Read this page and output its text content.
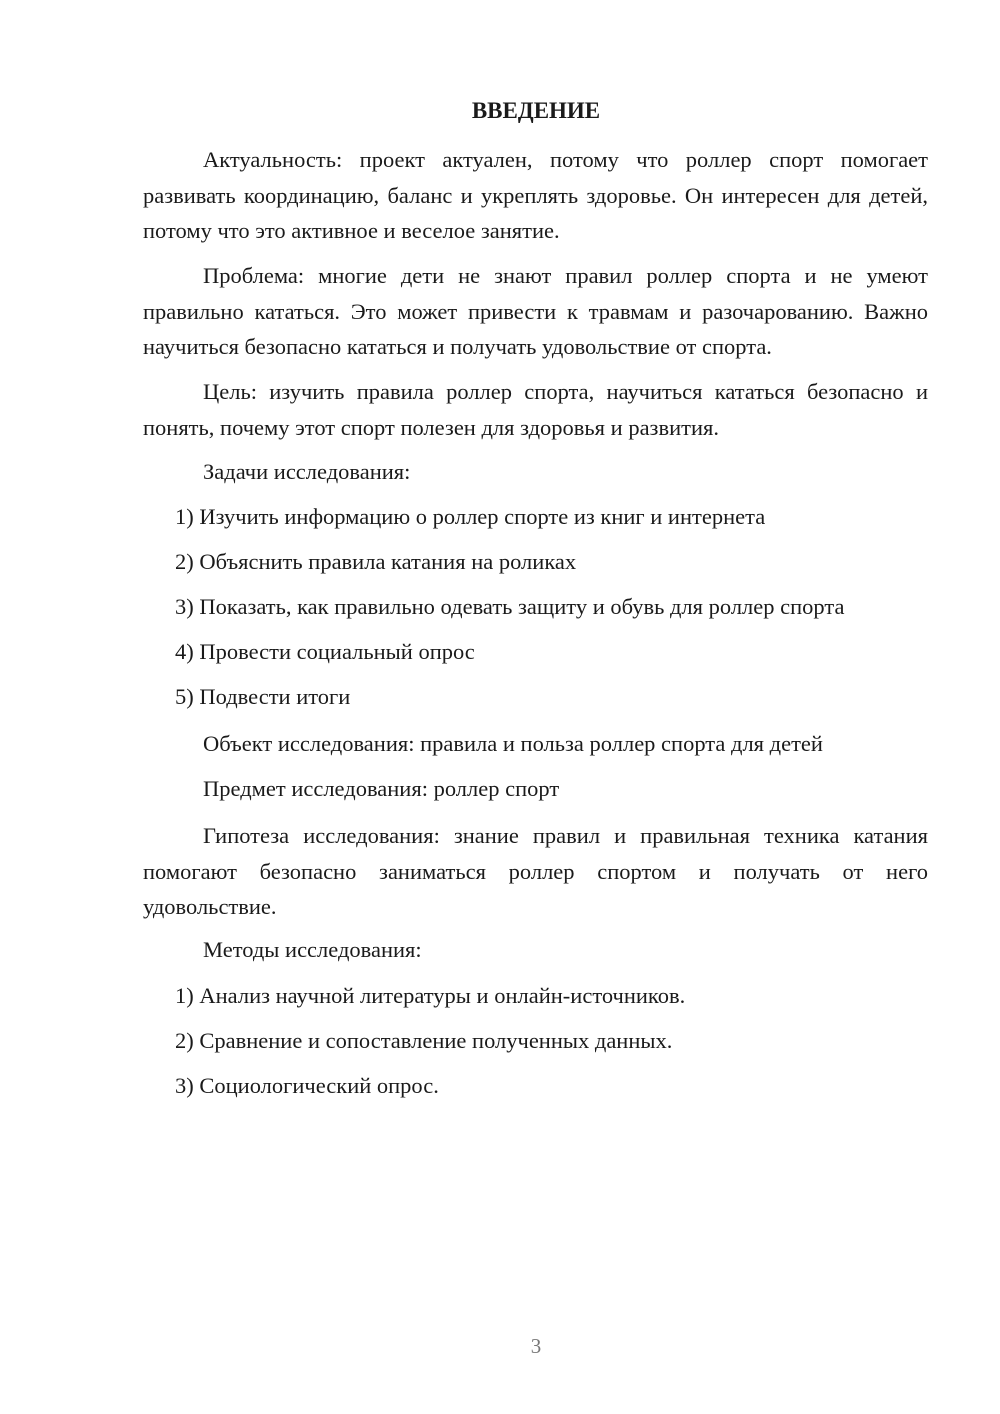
ВВЕДЕНИЕ

Актуальность: проект актуален, потому что роллер спорт помогает развивать координацию, баланс и укреплять здоровье. Он интересен для детей, потому что это активное и веселое занятие.

Проблема: многие дети не знают правил роллер спорта и не умеют правильно кататься. Это может привести к травмам и разочарованию. Важно научиться безопасно кататься и получать удовольствие от спорта.

Цель: изучить правила роллер спорта, научиться кататься безопасно и понять, почему этот спорт полезен для здоровья и развития.

Задачи исследования:

1) Изучить информацию о роллер спорте из книг и интернета

2) Объяснить правила катания на роликах

3) Показать, как правильно одевать защиту и обувь для роллер спорта

4) Провести социальный опрос

5) Подвести итоги

Объект исследования: правила и польза роллер спорта для детей

Предмет исследования: роллер спорт

Гипотеза исследования: знание правил и правильная техника катания помогают безопасно заниматься роллер спортом и получать от него удовольствие.

Методы исследования:

1) Анализ научной литературы и онлайн-источников.

2) Сравнение и сопоставление полученных данных.

3) Социологический опрос.

3
